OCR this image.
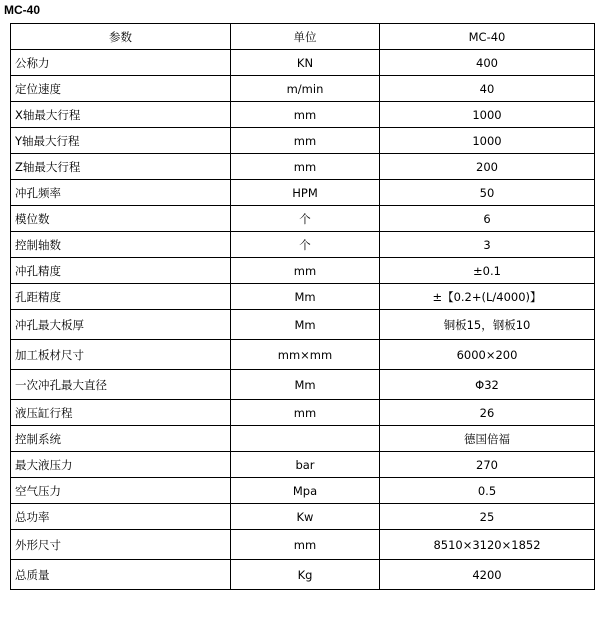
MC-40
参数	单位	MC-40
公称力	KN	400
定位速度	m/min	40
X轴最大行程	mm	1000
Y轴最大行程	mm	1000
Z轴最大行程	mm	200
冲孔频率	HPM	50
模位数	个	6
控制轴数	个	3
冲孔精度	mm	±0.1
孔距精度	Mm	±【0.2+(L/4000)】
冲孔最大板厚	Mm	铜板15，钢板10
加工板材尺寸	mm×mm	6000×200
一次冲孔最大直径	Mm	Φ32
液压缸行程	mm	26
控制系统		德国倍福
最大液压力	bar	270
空气压力	Mpa	0.5
总功率	Kw	25
外形尺寸	mm	8510×3120×1852
总质量	Kg	4200
